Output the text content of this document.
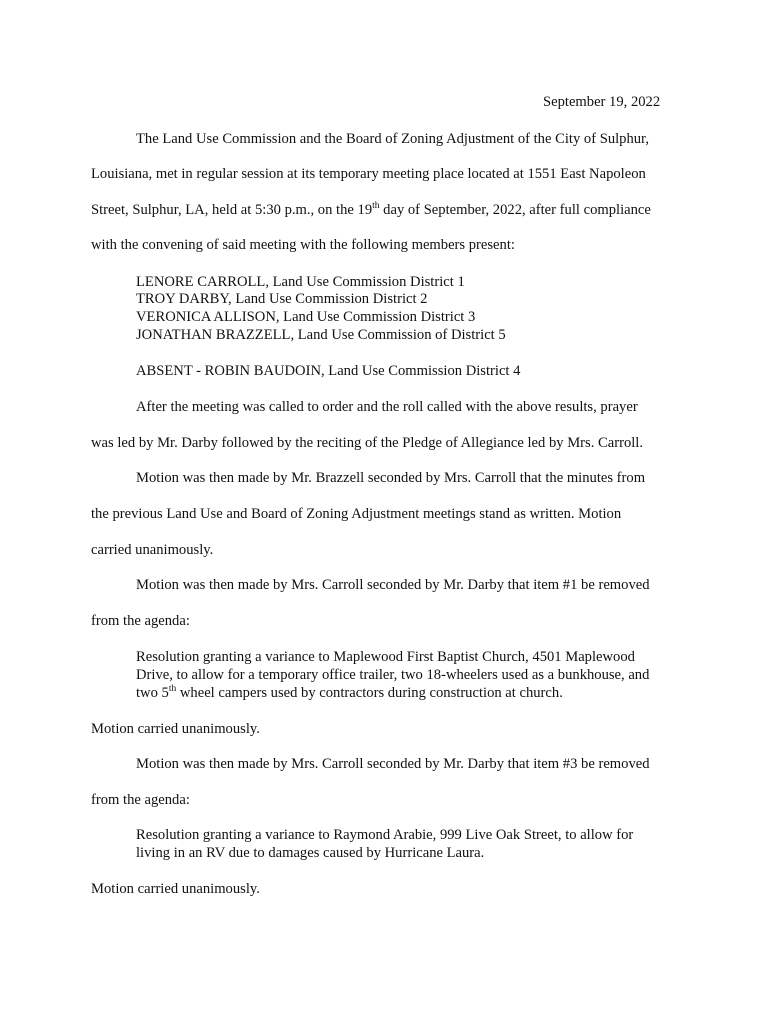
September 19, 2022
The Land Use Commission and the Board of Zoning Adjustment of the City of Sulphur,
Louisiana, met in regular session at its temporary meeting place located at 1551 East Napoleon
Street, Sulphur, LA, held at 5:30 p.m., on the 19th day of September, 2022, after full compliance
with the convening of said meeting with the following members present:
LENORE CARROLL, Land Use Commission District 1
TROY DARBY, Land Use Commission District 2
VERONICA ALLISON, Land Use Commission District 3
JONATHAN BRAZZELL, Land Use Commission of District 5
ABSENT - ROBIN BAUDOIN, Land Use Commission District 4
After the meeting was called to order and the roll called with the above results, prayer
was led by Mr. Darby followed by the reciting of the Pledge of Allegiance led by Mrs. Carroll.
Motion was then made by Mr. Brazzell seconded by Mrs. Carroll that the minutes from
the previous Land Use and Board of Zoning Adjustment meetings stand as written. Motion
carried unanimously.
Motion was then made by Mrs. Carroll seconded by Mr. Darby that item #1 be removed
from the agenda:
Resolution granting a variance to Maplewood First Baptist Church, 4501 Maplewood
Drive, to allow for a temporary office trailer, two 18-wheelers used as a bunkhouse, and
two 5th wheel campers used by contractors during construction at church.
Motion carried unanimously.
Motion was then made by Mrs. Carroll seconded by Mr. Darby that item #3 be removed
from the agenda:
Resolution granting a variance to Raymond Arabie, 999 Live Oak Street, to allow for
living in an RV due to damages caused by Hurricane Laura.
Motion carried unanimously.
